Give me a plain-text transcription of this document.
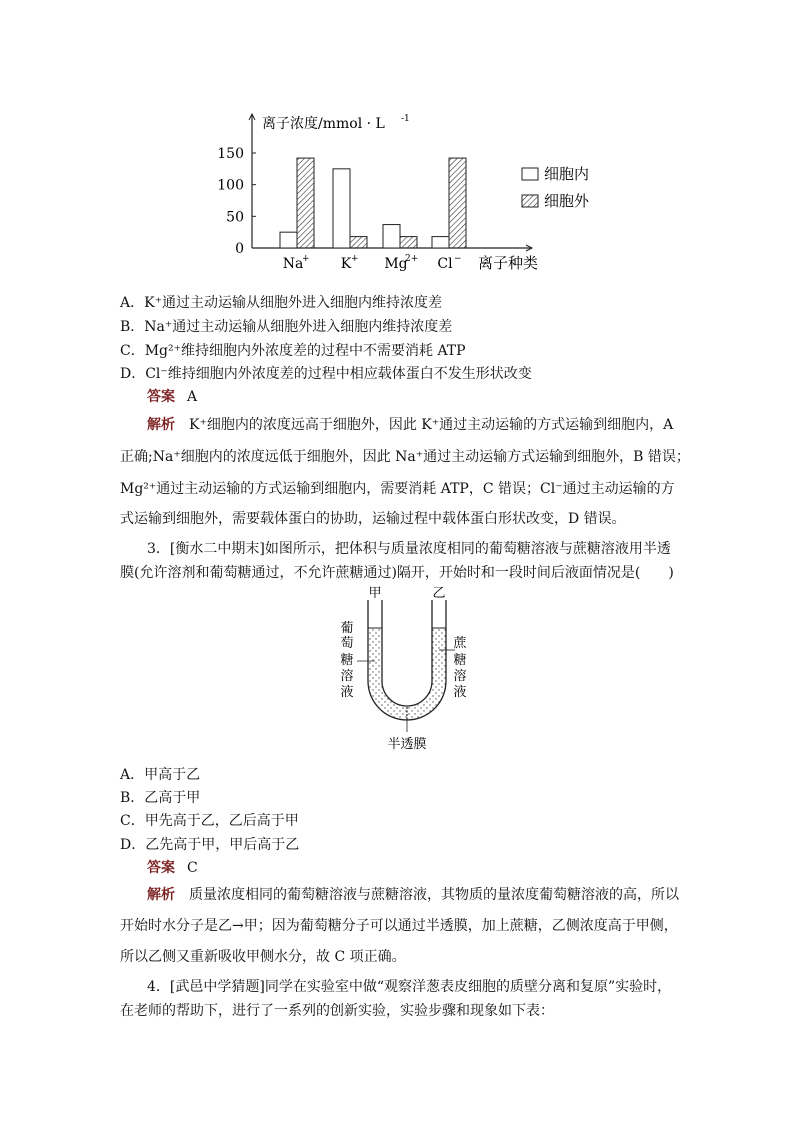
离子浓度/mmol · L -1
0
50
100
150
Na
+ K + Mg
2+ Cl − 离子种类
细胞内
细胞外
A．K⁺通过主动运输从细胞外进入细胞内维持浓度差
B．Na⁺通过主动运输从细胞外进入细胞内维持浓度差
C．Mg²⁺维持细胞内外浓度差的过程中不需要消耗 ATP
D．Cl⁻维持细胞内外浓度差的过程中相应载体蛋白不发生形状改变
答案 A
解析 K⁺细胞内的浓度远高于细胞外，因此 K⁺通过主动运输的方式运输到细胞内，A
正确;Na⁺细胞内的浓度远低于细胞外，因此 Na⁺通过主动运输方式运输到细胞外，B 错误；
Mg²⁺通过主动运输的方式运输到细胞内，需要消耗 ATP，C 错误；Cl⁻通过主动运输的方
式运输到细胞外，需要载体蛋白的协助，运输过程中载体蛋白形状改变，D 错误。
3．[衡水二中期末]如图所示，把体积与质量浓度相同的葡萄糖溶液与蔗糖溶液用半透
膜(允许溶剂和葡萄糖通过，不允许蔗糖通过)隔开，开始时和一段时间后液面情况是(　　)
甲	乙
葡
萄
糖
溶
液
蔗
糖
溶
液
半透膜
A．甲高于乙
B．乙高于甲
C．甲先高于乙，乙后高于甲
D．乙先高于甲，甲后高于乙
答案 C
解析 质量浓度相同的葡萄糖溶液与蔗糖溶液，其物质的量浓度葡萄糖溶液的高，所以
开始时水分子是乙→甲；因为葡萄糖分子可以通过半透膜，加上蔗糖，乙侧浓度高于甲侧，
所以乙侧又重新吸收甲侧水分，故 C 项正确。
4．[武邑中学猜题]同学在实验室中做“观察洋葱表皮细胞的质壁分离和复原”实验时，
在老师的帮助下，进行了一系列的创新实验，实验步骤和现象如下表：
